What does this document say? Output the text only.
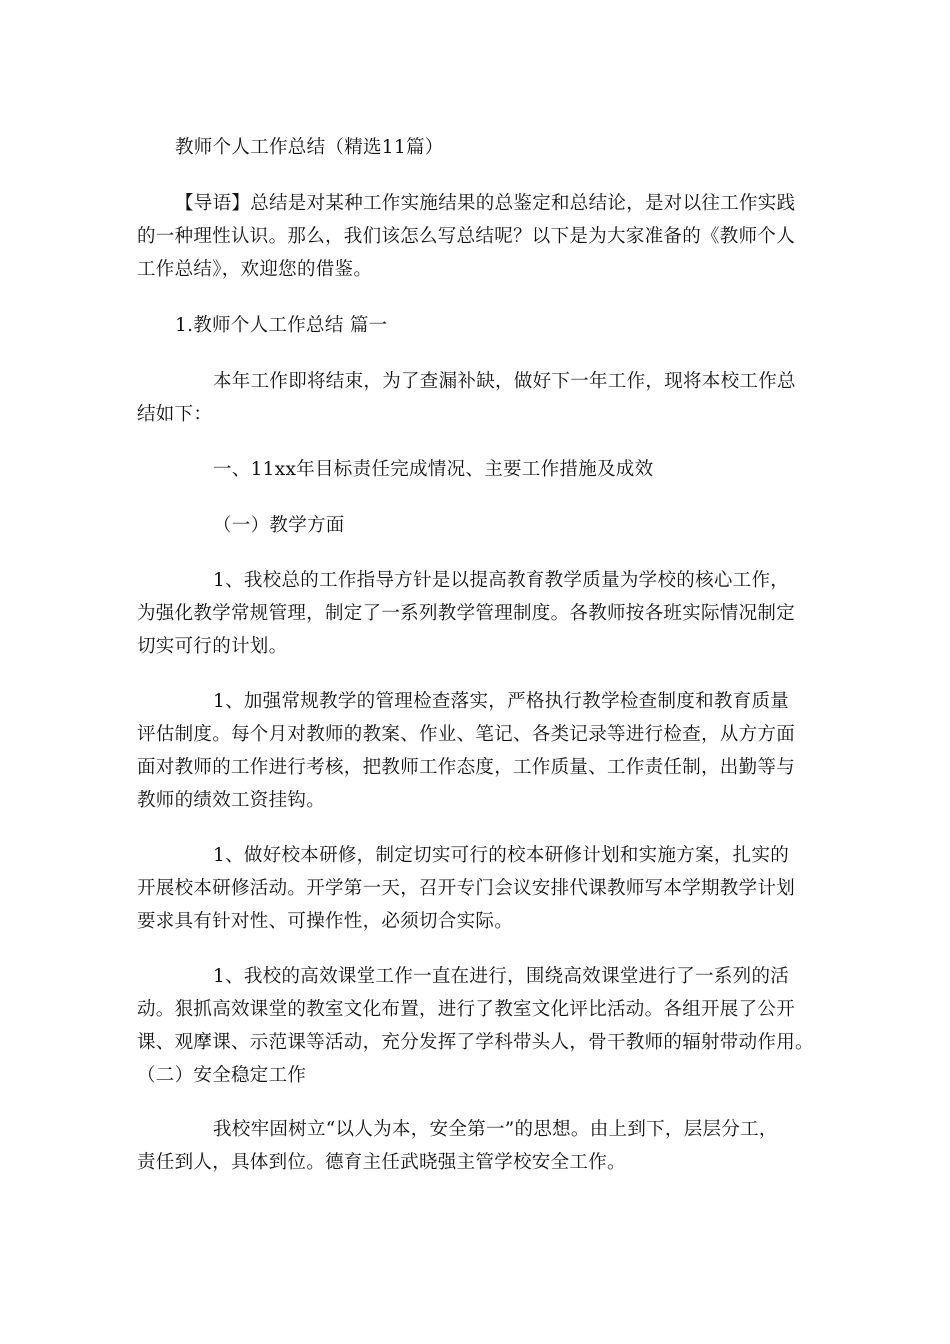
教师个人工作总结（精选11篇）

【导语】总结是对某种工作实施结果的总鉴定和总结论，是对以往工作实践

的一种理性认识。那么，我们该怎么写总结呢？以下是为大家准备的《教师个人

工作总结》，欢迎您的借鉴。

1.教师个人工作总结 篇一

本年工作即将结束，为了查漏补缺，做好下一年工作，现将本校工作总

结如下：

一、11xx年目标责任完成情况、主要工作措施及成效

（一）教学方面

1、我校总的工作指导方针是以提高教育教学质量为学校的核心工作，

为强化教学常规管理，制定了一系列教学管理制度。各教师按各班实际情况制定

切实可行的计划。

1、加强常规教学的管理检查落实，严格执行教学检查制度和教育质量

评估制度。每个月对教师的教案、作业、笔记、各类记录等进行检查，从方方面

面对教师的工作进行考核，把教师工作态度，工作质量、工作责任制，出勤等与

教师的绩效工资挂钩。

1、做好校本研修，制定切实可行的校本研修计划和实施方案，扎实的

开展校本研修活动。开学第一天，召开专门会议安排代课教师写本学期教学计划

要求具有针对性、可操作性，必须切合实际。

1、我校的高效课堂工作一直在进行，围绕高效课堂进行了一系列的活

动。狠抓高效课堂的教室文化布置，进行了教室文化评比活动。各组开展了公开

课、观摩课、示范课等活动，充分发挥了学科带头人，骨干教师的辐射带动作用。

（二）安全稳定工作

我校牢固树立“以人为本，安全第一”的思想。由上到下，层层分工，

责任到人，具体到位。德育主任武晓强主管学校安全工作。
